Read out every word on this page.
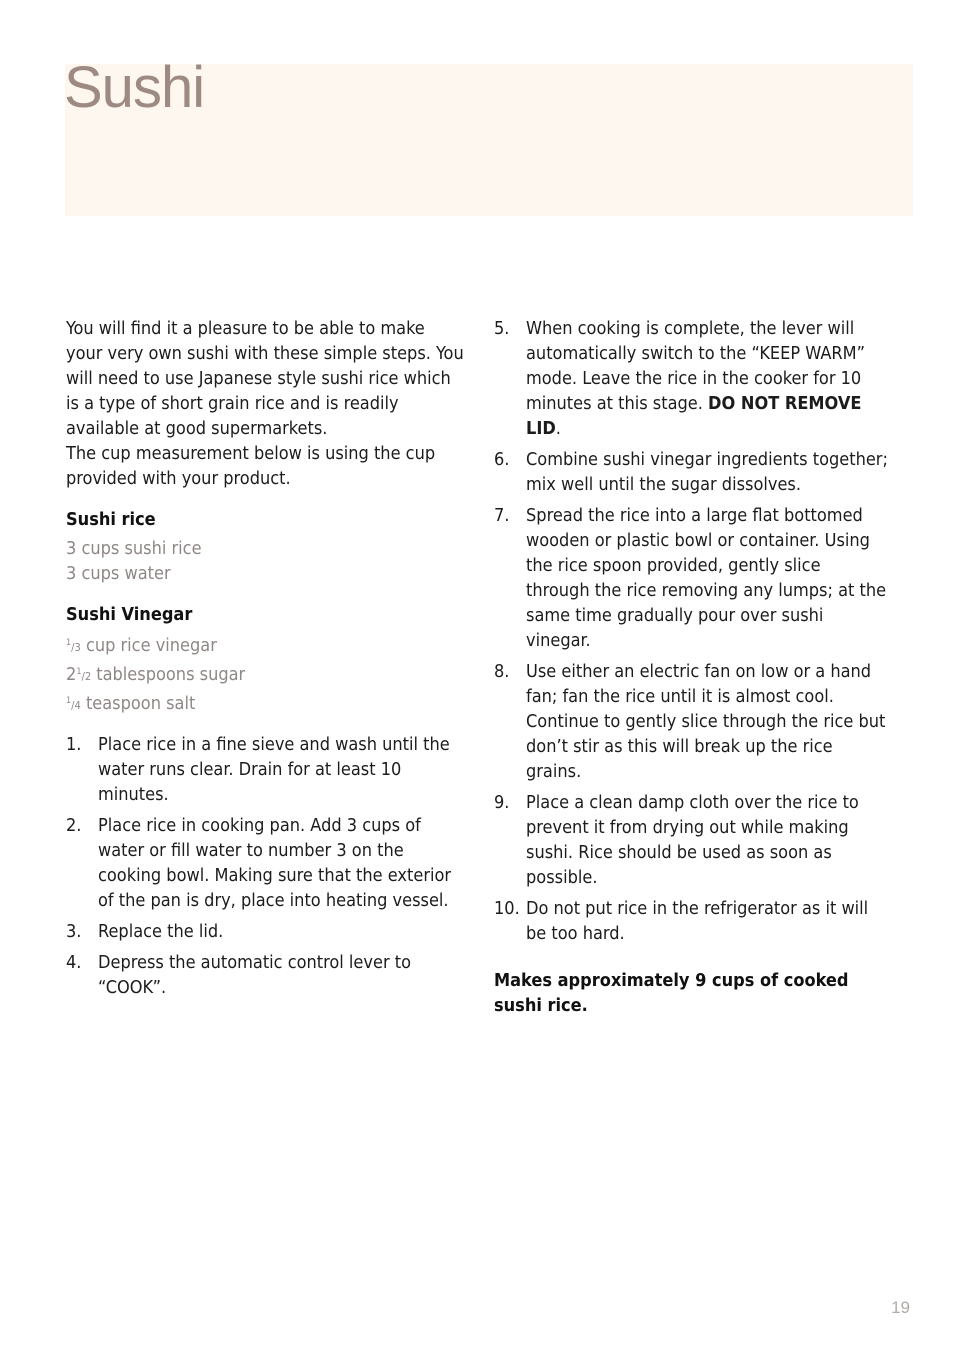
Sushi

You will find it a pleasure to be able to make your very own sushi with these simple steps. You will need to use Japanese style sushi rice which is a type of short grain rice and is readily available at good supermarkets.

The cup measurement below is using the cup provided with your product.

Sushi rice
3 cups sushi rice
3 cups water
Sushi Vinegar
$^1$/3 cup rice vinegar
$2^1/2$ tablespoons sugar
$^1$/4 teaspoon salt
1. Place rice in a fine sieve and wash until the water runs clear. Drain for at least 10 minutes.
2. Place rice in cooking pan. Add 3 cups of water or fill water to number 3 on the cooking bowl. Making sure that the exterior of the pan is dry, place into heating vessel.
3. Replace the lid.
4. Depress the automatic control lever to “COOK”.
5. When cooking is complete, the lever will automatically switch to the “KEEP WARM” mode. Leave the rice in the cooker for 10 minutes at this stage. DO NOT REMOVE LID.
6. Combine sushi vinegar ingredients together; mix well until the sugar dissolves.
7. Spread the rice into a large flat bottomed wooden or plastic bowl or container. Using the rice spoon provided, gently slice through the rice removing any lumps; at the same time gradually pour over sushi vinegar.
8. Use either an electric fan on low or a hand fan; fan the rice until it is almost cool. Continue to gently slice through the rice but don’t stir as this will break up the rice grains.
9. Place a clean damp cloth over the rice to prevent it from drying out while making sushi. Rice should be used as soon as possible.
10. Do not put rice in the refrigerator as it will be too hard.

Makes approximately 9 cups of cooked sushi rice.

19
